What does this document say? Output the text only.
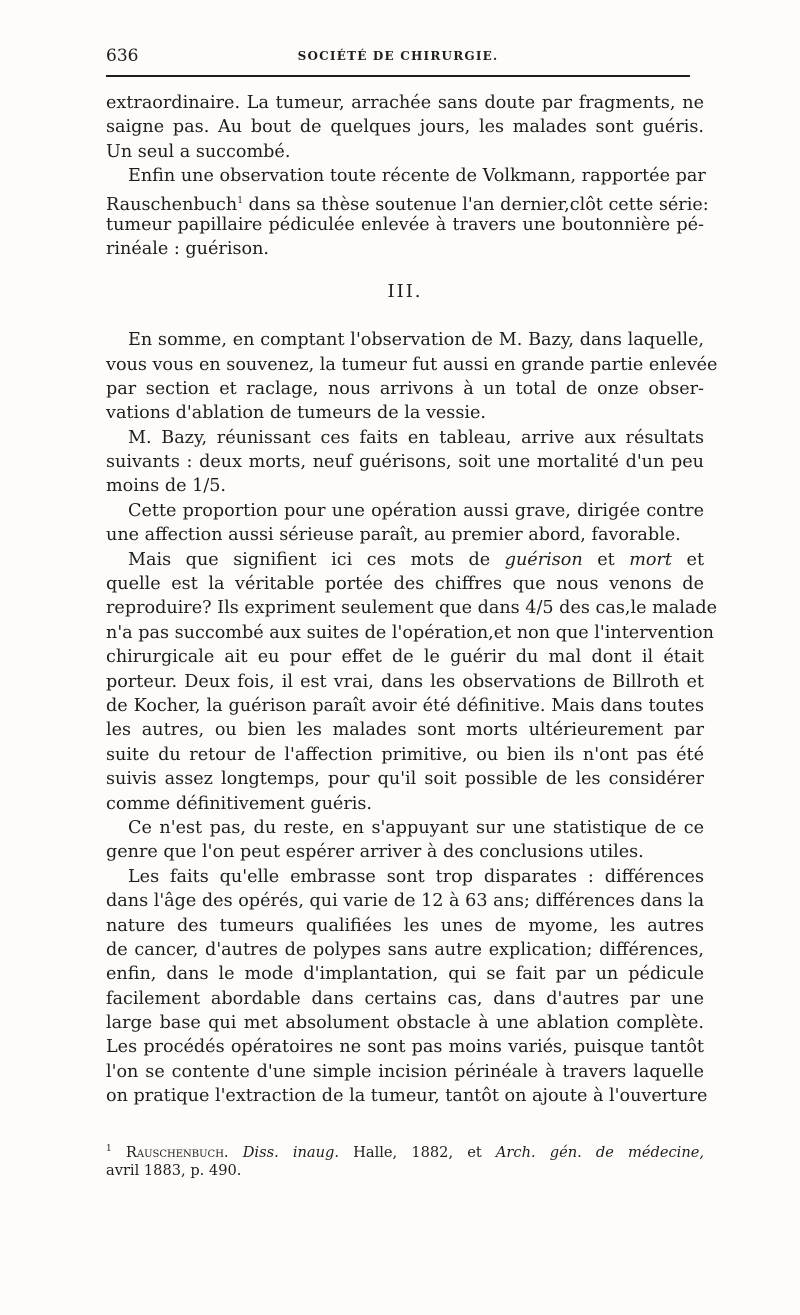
636	SOCIÉTÉ DE CHIRURGIE.
extraordinaire. La tumeur, arrachée sans doute par fragments, ne
saigne pas. Au bout de quelques jours, les malades sont guéris.
Un seul a succombé.
Enfin une observation toute récente de Volkmann, rapportée par
Rauschenbuch$^1$ dans sa thèse soutenue l'an dernier,clôt cette série:
tumeur papillaire pédiculée enlevée à travers une boutonnière pé-
rinéale : guérison.
III.
En somme, en comptant l'observation de M. Bazy, dans laquelle,
vous vous en souvenez, la tumeur fut aussi en grande partie enlevée
par section et raclage, nous arrivons à un total de onze obser-
vations d'ablation de tumeurs de la vessie.
M. Bazy, réunissant ces faits en tableau, arrive aux résultats
suivants : deux morts, neuf guérisons, soit une mortalité d'un peu
moins de 1/5.
Cette proportion pour une opération aussi grave, dirigée contre
une affection aussi sérieuse paraît, au premier abord, favorable.
Mais que signifient ici ces mots de guérison et mort et
quelle est la véritable portée des chiffres que nous venons de
reproduire? Ils expriment seulement que dans 4/5 des cas,le malade
n'a pas succombé aux suites de l'opération,et non que l'intervention
chirurgicale ait eu pour effet de le guérir du mal dont il était
porteur. Deux fois, il est vrai, dans les observations de Billroth et
de Kocher, la guérison paraît avoir été définitive. Mais dans toutes
les autres, ou bien les malades sont morts ultérieurement par
suite du retour de l'affection primitive, ou bien ils n'ont pas été
suivis assez longtemps, pour qu'il soit possible de les considérer
comme définitivement guéris.
Ce n'est pas, du reste, en s'appuyant sur une statistique de ce
genre que l'on peut espérer arriver à des conclusions utiles.
Les faits qu'elle embrasse sont trop disparates : différences
dans l'âge des opérés, qui varie de 12 à 63 ans; différences dans la
nature des tumeurs qualifiées les unes de myome, les autres
de cancer, d'autres de polypes sans autre explication; différences,
enfin, dans le mode d'implantation, qui se fait par un pédicule
facilement abordable dans certains cas, dans d'autres par une
large base qui met absolument obstacle à une ablation complète.
Les procédés opératoires ne sont pas moins variés, puisque tantôt
l'on se contente d'une simple incision périnéale à travers laquelle
on pratique l'extraction de la tumeur, tantôt on ajoute à l'ouverture
$^1$ Rauschenbuch. Diss. inaug. Halle, 1882, et Arch. gén. de médecine,
avril 1883, p. 490.
